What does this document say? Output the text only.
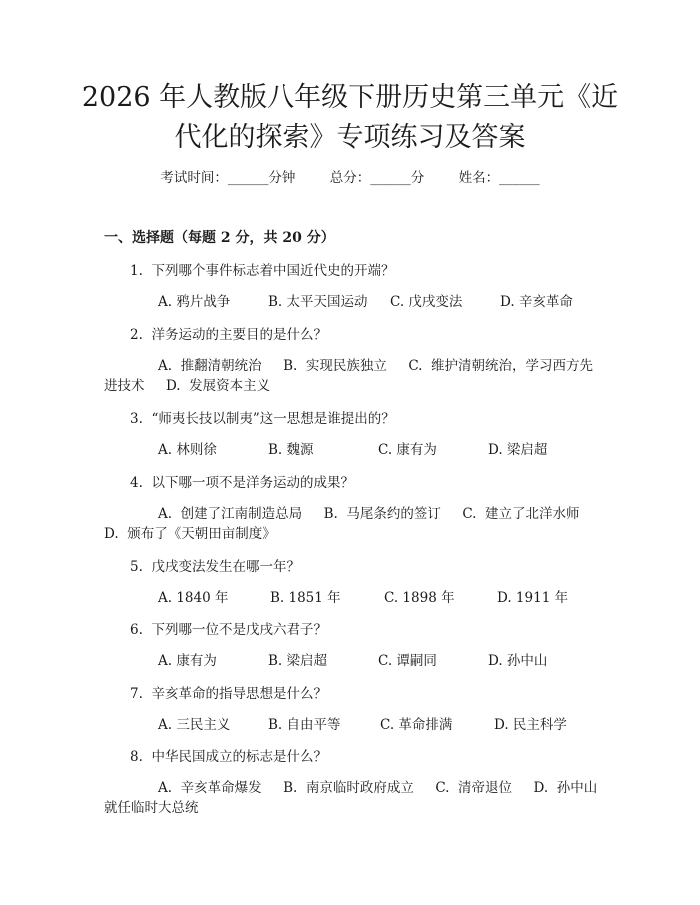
2026 年人教版八年级下册历史第三单元《近
代化的探索》专项练习及答案
考试时间：______分钟        总分：______分        姓名：______
一、选择题（每题 2 分，共 20 分）
1.  下列哪个事件标志着中国近代史的开端？
A. 鸦片战争	B. 太平天国运动 C. 戊戌变法	D. 辛亥革命
2.  洋务运动的主要目的是什么？
A.  推翻清朝统治     B.  实现民族独立     C.  维护清朝统治，学习西方先
进技术     D.  发展资本主义
3.  “师夷长技以制夷”这一思想是谁提出的？
A. 林则徐	B. 魏源	C. 康有为	D. 梁启超
4.  以下哪一项不是洋务运动的成果？
A.  创建了江南制造总局     B.  马尾条约的签订     C.  建立了北洋水师
D.  颁布了《天朝田亩制度》
5.  戊戌变法发生在哪一年？
A. 1840 年	B. 1851 年	C. 1898 年	D. 1911 年
6.  下列哪一位不是戊戌六君子？
A. 康有为	B. 梁启超	C. 谭嗣同	D. 孙中山
7.  辛亥革命的指导思想是什么？
A. 三民主义	B. 自由平等	C. 革命排满	D. 民主科学
8.  中华民国成立的标志是什么？
A.  辛亥革命爆发     B.  南京临时政府成立     C.  清帝退位     D.  孙中山
就任临时大总统
